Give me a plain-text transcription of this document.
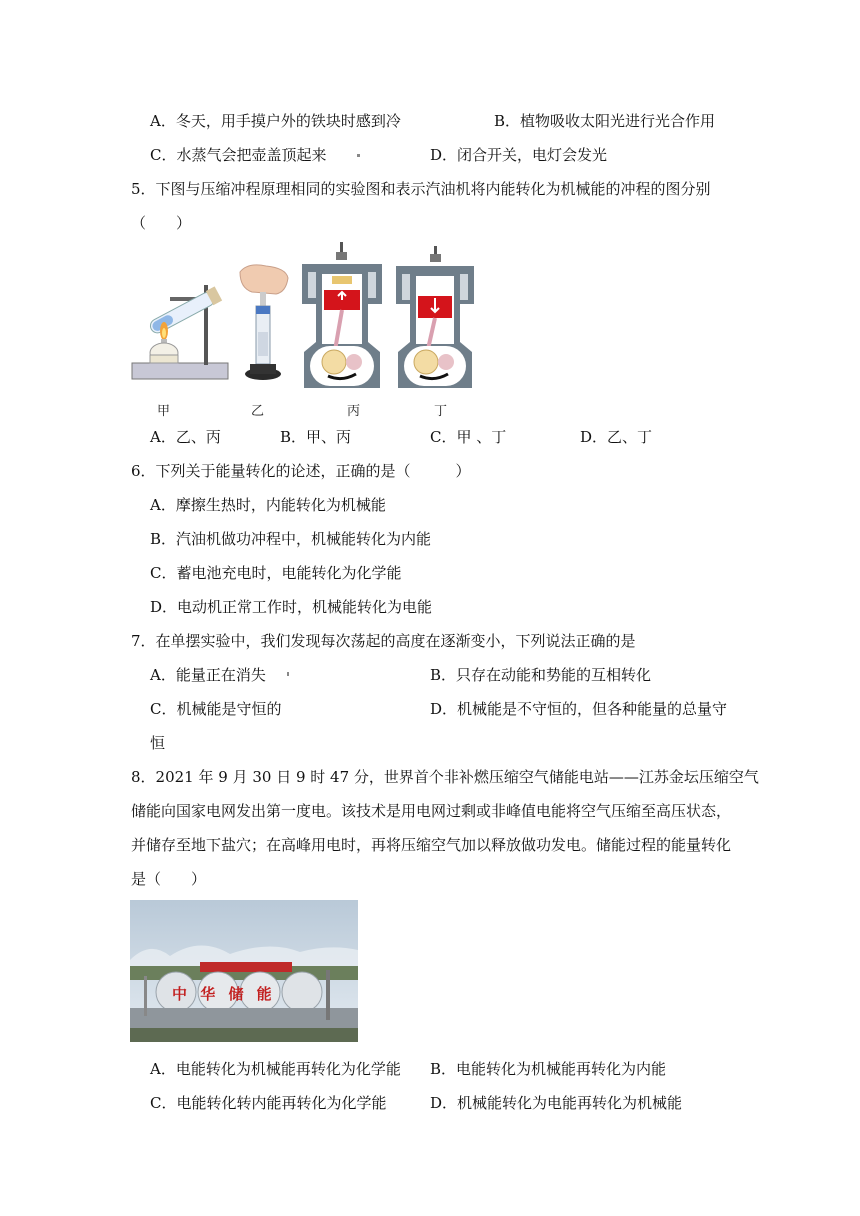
A．冬天，用手摸户外的铁块时感到冷	B．植物吸收太阳光进行光合作用
C．水蒸气会把壶盖顶起来	D．闭合开关，电灯会发光
5．下图与压缩冲程原理相同的实验图和表示汽油机将内能转化为机械能的冲程的图分别
（　　）
甲	乙	丙	丁
A．乙、丙	B．甲、丙	C．甲 、丁	D．乙、丁
6．下列关于能量转化的论述，正确的是（　　　）
A．摩擦生热时，内能转化为机械能
B．汽油机做功冲程中，机械能转化为内能
C．蓄电池充电时，电能转化为化学能
D．电动机正常工作时，机械能转化为电能
7．在单摆实验中，我们发现每次荡起的高度在逐渐变小，下列说法正确的是
A．能量正在消失	B．只存在动能和势能的互相转化
C．机械能是守恒的	D．机械能是不守恒的，但各种能量的总量守
恒
8．2021 年 9 月 30 日 9 时 47 分，世界首个非补燃压缩空气储能电站——江苏金坛压缩空气
储能向国家电网发出第一度电。该技术是用电网过剩或非峰值电能将空气压缩至高压状态，
并储存至地下盐穴；在高峰用电时，再将压缩空气加以释放做功发电。储能过程的能量转化
是（　　）
中 华 储 能
A．电能转化为机械能再转化为化学能 B．电能转化为机械能再转化为内能
C．电能转化转内能再转化为化学能	D．机械能转化为电能再转化为机械能
